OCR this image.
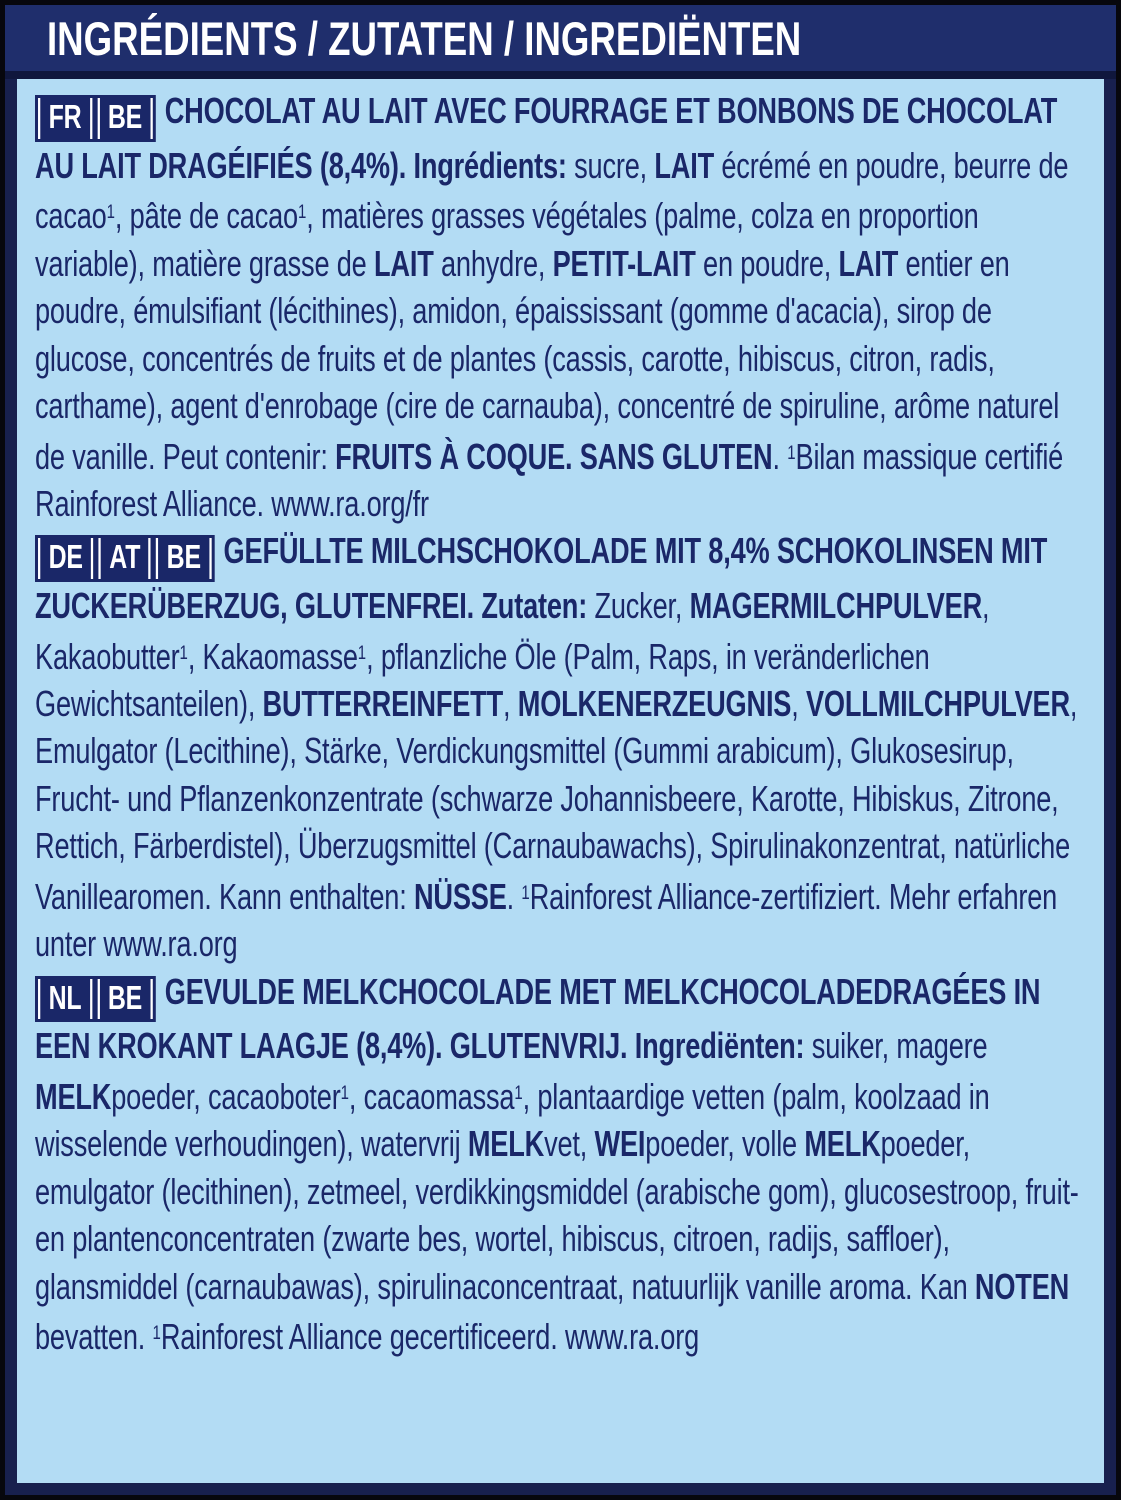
INGRÉDIENTS / ZUTATEN / INGREDIËNTEN

FR BE CHOCOLAT AU LAIT AVEC FOURRAGE ET BONBONS DE CHOCOLAT AU LAIT DRAGÉIFIÉS (8,4%). Ingrédients: sucre, LAIT écrémé en poudre, beurre de cacao$^1$, pâte de cacao$^1$, matières grasses végétales (palme, colza en proportion variable), matière grasse de LAIT anhydre, PETIT-LAIT en poudre, LAIT entier en poudre, émulsifiant (lécithines), amidon, épaississant (gomme d'acacia), sirop de glucose, concentrés de fruits et de plantes (cassis, carotte, hibiscus, citron, radis, carthame), agent d'enrobage (cire de carnauba), concentré de spiruline, arôme naturel de vanille. Peut contenir: FRUITS À COQUE. SANS GLUTEN. $^1$Bilan massique certifié Rainforest Alliance. www.ra.org/fr

DE AT BE GEFÜLLTE MILCHSCHOKOLADE MIT 8,4% SCHOKOLINSEN MIT ZUCKERÜBERZUG, GLUTENFREI. Zutaten: Zucker, MAGERMILCHPULVER, Kakaobutter$^1$, Kakaomasse$^1$, pflanzliche Öle (Palm, Raps, in veränderlichen Gewichtsanteilen), BUTTERREINFETT, MOLKENERZEUGNIS, VOLLMILCHPULVER, Emulgator (Lecithine), Stärke, Verdickungsmittel (Gummi arabicum), Glukosesirup, Frucht- und Pflanzenkonzentrate (schwarze Johannisbeere, Karotte, Hibiskus, Zitrone, Rettich, Färberdistel), Überzugsmittel (Carnaubawachs), Spirulinakonzentrat, natürliche Vanillearomen. Kann enthalten: NÜSSE. $^1$Rainforest Alliance-zertifiziert. Mehr erfahren unter www.ra.org

NL BE GEVULDE MELKCHOCOLADE MET MELKCHOCOLADEDRAGÉES IN EEN KROKANT LAAGJE (8,4%). GLUTENVRIJ. Ingrediënten: suiker, magere MELKpoeder, cacaoboter$^1$, cacaomassa$^1$, plantaardige vetten (palm, koolzaad in wisselende verhoudingen), watervrij MELKvet, WEIpoeder, volle MELKpoeder, emulgator (lecithinen), zetmeel, verdikkingsmiddel (arabische gom), glucosestroop, fruit- en plantenconcentraten (zwarte bes, wortel, hibiscus, citroen, radijs, saffloer), glansmiddel (carnaubawas), spirulinaconcentraat, natuurlijk vanille aroma. Kan NOTEN bevatten. $^1$Rainforest Alliance gecertificeerd. www.ra.org
